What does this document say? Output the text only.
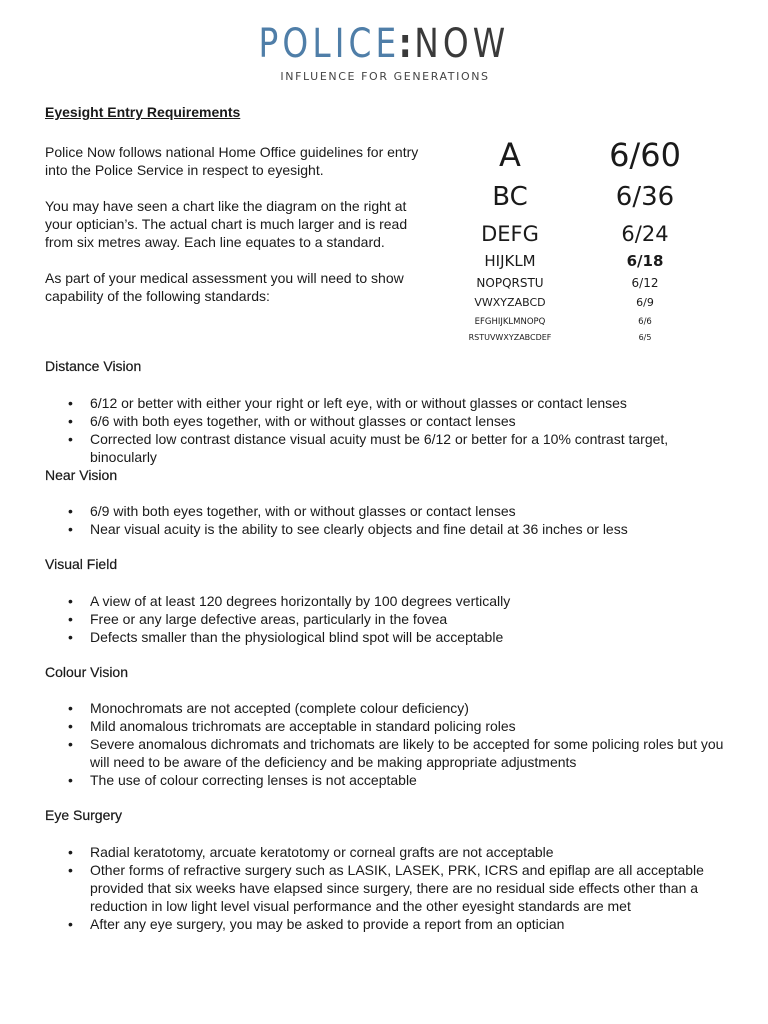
POLICE:NOW
INFLUENCE FOR GENERATIONS
Eyesight Entry Requirements

Police Now follows national Home Office guidelines for entry into the Police Service in respect to eyesight.

You may have seen a chart like the diagram on the right at your optician’s. The actual chart is much larger and is read from six metres away. Each line equates to a standard.

As part of your medical assessment you will need to show capability of the following standards:

A	6/60
BC	6/36
DEFG	6/24
HIJKLM	6/18
NOPQRSTU	6/12
VWXYZABCD	6/9
EFGHIJKLMNOPQ	6/6
RSTUVWXYZABCDEF	6/5
Distance Vision
• 6/12 or better with either your right or left eye, with or without glasses or contact lenses
• 6/6 with both eyes together, with or without glasses or contact lenses
• Corrected low contrast distance visual acuity must be 6/12 or better for a 10% contrast target, binocularly
Near Vision
• 6/9 with both eyes together, with or without glasses or contact lenses
• Near visual acuity is the ability to see clearly objects and fine detail at 36 inches or less
Visual Field
• A view of at least 120 degrees horizontally by 100 degrees vertically
• Free or any large defective areas, particularly in the fovea
• Defects smaller than the physiological blind spot will be acceptable
Colour Vision
• Monochromats are not accepted (complete colour deficiency)
• Mild anomalous trichromats are acceptable in standard policing roles
• Severe anomalous dichromats and trichomats are likely to be accepted for some policing roles but you will need to be aware of the deficiency and be making appropriate adjustments
• The use of colour correcting lenses is not acceptable
Eye Surgery
• Radial keratotomy, arcuate keratotomy or corneal grafts are not acceptable
• Other forms of refractive surgery such as LASIK, LASEK, PRK, ICRS and epiflap are all acceptable provided that six weeks have elapsed since surgery, there are no residual side effects other than a reduction in low light level visual performance and the other eyesight standards are met
• After any eye surgery, you may be asked to provide a report from an optician
